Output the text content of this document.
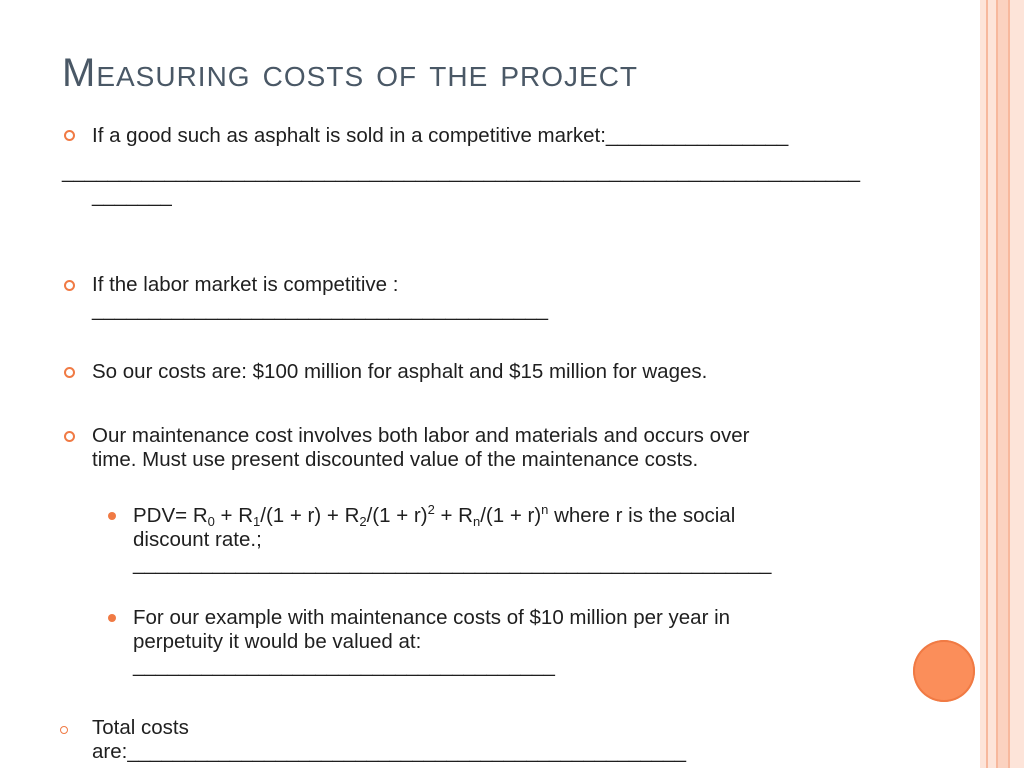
Measuring costs of the project
If a good such as asphalt is sold in a competitive market:________________
______________________________________________________________________
_______
If the labor market is competitive :
________________________________________
So our costs are: $100 million for asphalt and $15 million for wages.
Our maintenance cost involves both labor and materials and occurs over
time. Must use present discounted value of the maintenance costs.
$PDV= R_0 + R_1/(1 + r) + R_2/(1 + r)^2 + R_n/(1 + r)^n$ where r is the social
discount rate.;
________________________________________________________
For our example with maintenance costs of $10 million per year in
perpetuity it would be valued at:
_____________________________________
Total costs
are:_________________________________________________
